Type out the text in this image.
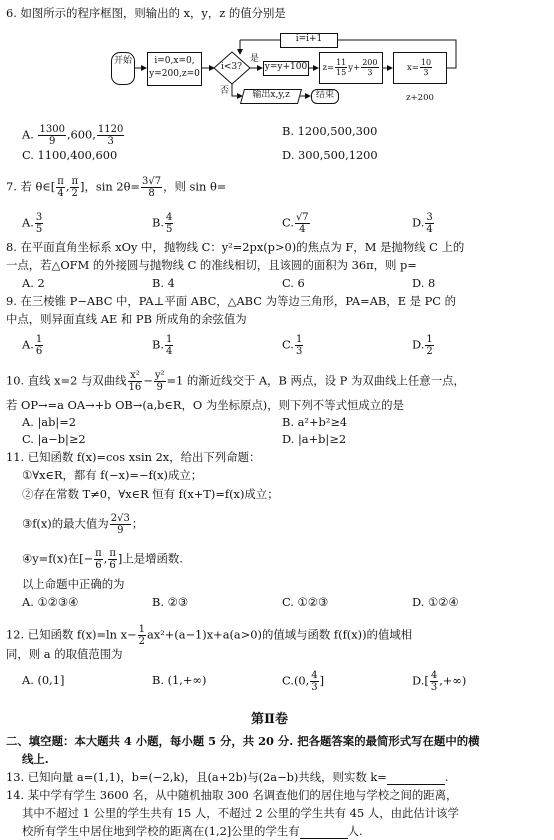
6. 如图所示的程序框图，则输出的 x，y，z 的值分别是
开始	i=0,x=0,
y=200,z=0
i<3?
是
否
i=i+1
y=y+100	$z= \frac{11}{15} y+ \frac{200}{3}$	$x= \frac{10}{3}$
z+200
输出x,y,z	结束
A. $\frac{1300}{9} ,600$, $\frac{1120}{3}$	B. 1200,500,300
C. 1100,400,600	D. 300,500,1200
7. 若 θ∈[ $\frac{\pi}{4}$ , $\frac{\pi}{2}$ ]，$\sin 2\theta= \frac{3√7}{8}$ ，则 sin θ=
A. $\frac{3}{5}$	B. $\frac{4}{5}$	C. $\frac{√7}{4}$	D. $\frac{3}{4}$
8. 在平面直角坐标系 xOy 中，抛物线 C：y²=2px(p>0)的焦点为 F，M 是抛物线 C 上的
一点，若△OFM 的外接圆与抛物线 C 的准线相切，且该圆的面积为 36π，则 p=
A. 2	B. 4	C. 6	D. 8
9. 在三棱锥 P−ABC 中，PA⊥平面 ABC，△ABC 为等边三角形，PA=AB，E 是 PC 的
中点，则异面直线 AE 和 PB 所成角的余弦值为
A. $\frac{1}{6}$	B. $\frac{1}{4}$	C. $\frac{1}{3}$	D. $\frac{1}{2}$
10. 直线 x=2 与双曲线 $\frac{\text{x²}}{16} - \frac{\text{y²}}{9} =1$ 的渐近线交于 A，B 两点，设 P 为双曲线上任意一点，
若 OP→=a OA→+b OB→(a,b∈R，O 为坐标原点)，则下列不等式恒成立的是
A. |ab|=2	B. a²+b²≥4
C. |a−b|≥2	D. |a+b|≥2
11. 已知函数 f(x)=cos xsin 2x，给出下列命题：
①∀x∈R，都有 f(−x)=−f(x)成立；
②存在常数 T≠0，∀x∈R 恒有 f(x+T)=f(x)成立；
③f(x)的最大值为 $\frac{2√3}{9}$ ；
④y=f(x)在[− $\frac{\pi}{6}$ , $\frac{\pi}{6}$ ]上是增函数.
以上命题中正确的为
A. ①②③④	B. ②③	C. ①②③	D. ①②④
12. 已知函数 f(x)=ln $x- \frac{1}{2} ax^2+(a-1)x+a(a>0)$的值域与函数 f(f(x))的值域相
同，则 a 的取值范围为
A. (0,1]	B. (1,+∞)	C.(0, $\frac{4}{3}$ ]	$D.[ \frac{4}{3}$ ,+∞)
第Ⅱ卷
二、填空题：本大题共 4 小题，每小题 5 分，共 20 分. 把各题答案的最简形式写在题中的横
线上.
13. 已知向量 a=(1,1)，b=(−2,k)，且(a+2b)与(2a−b)共线，则实数 k=	.
14. 某中学有学生 3600 名，从中随机抽取 300 名调查他们的居住地与学校之间的距离，
其中不超过 1 公里的学生共有 15 人，不超过 2 公里的学生共有 45 人，由此估计该学
校所有学生中居住地到学校的距离在(1,2]公里的学生有	人.
